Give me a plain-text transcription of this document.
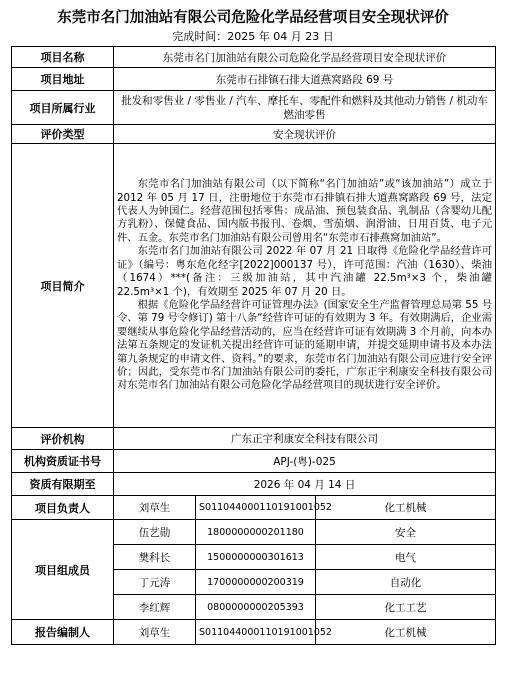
东莞市名门加油站有限公司危险化学品经营项目安全现状评价
完成时间：2025 年 04 月 23 日
项目名称	东莞市名门加油站有限公司危险化学品经营项目安全现状评价		
项目地址	东莞市石排镇石排大道燕窝路段 69 号		
项目所属行业	批发和零售业 / 零售业 / 汽车、摩托车、零配件和燃料及其他动力销售 / 机动车燃油零售		
评价类型	安全现状评价		
项目简介	东莞市名门加油站有限公司（以下简称“名门加油站”或“该加油站”）成立于 2012 年 05 月 17 日，注册地位于东莞市石排镇石排大道燕窝路段 69 号，法定代表人为钟国仁。经营范围包括零售：成品油、预包装食品、乳制品（含婴幼儿配方乳粉）、保健食品、国内版书报刊、卷烟、雪茄烟、润滑油、日用百货、电子元件、五金。东莞市名门加油站有限公司曾用名“东莞市石排燕窝加油站”。
东莞市名门加油站有限公司 2022 年 07 月 21 日取得《危险化学品经营许可证》（编号：粤东危化经字[2022]000137 号），许可范围：汽油（1630）、柴油（1674）***(备注：三级加油站，其中汽油罐 22.5m³×3 个，柴油罐 22.5m³×1 个)，有效期至 2025 年 07 月 20 日。
根据《危险化学品经营许可证管理办法》(国家安全生产监督管理总局第 55 号令、第 79 号令修订) 第十八条“经营许可证的有效期为 3 年。有效期满后，企业需要继续从事危险化学品经营活动的，应当在经营许可证有效期满 3 个月前，向本办法第五条规定的发证机关提出经营许可证的延期申请，并提交延期申请书及本办法第九条规定的申请文件、资料。”的要求，东莞市名门加油站有限公司应进行安全评价；因此，受东莞市名门加油站有限公司的委托，广东正宇利康安全科技有限公司对东莞市名门加油站有限公司危险化学品经营项目的现状进行安全评价。		

评价机构	广东正宇利康安全科技有限公司		
机构资质证书号	APJ-(粤)-025		
资质有限期至	2026 年 04 月 14 日		
项目负责人	刘草生	S011044000110191001052	化工机械
项目组成员	伍艺勋	1800000000201180	安全
	樊科长	1500000000301613	电气
	丁元涛	1700000000200319	自动化
	李红辉	0800000000205393	化工工艺
报告编制人	刘草生	S011044000110191001052	化工机械
